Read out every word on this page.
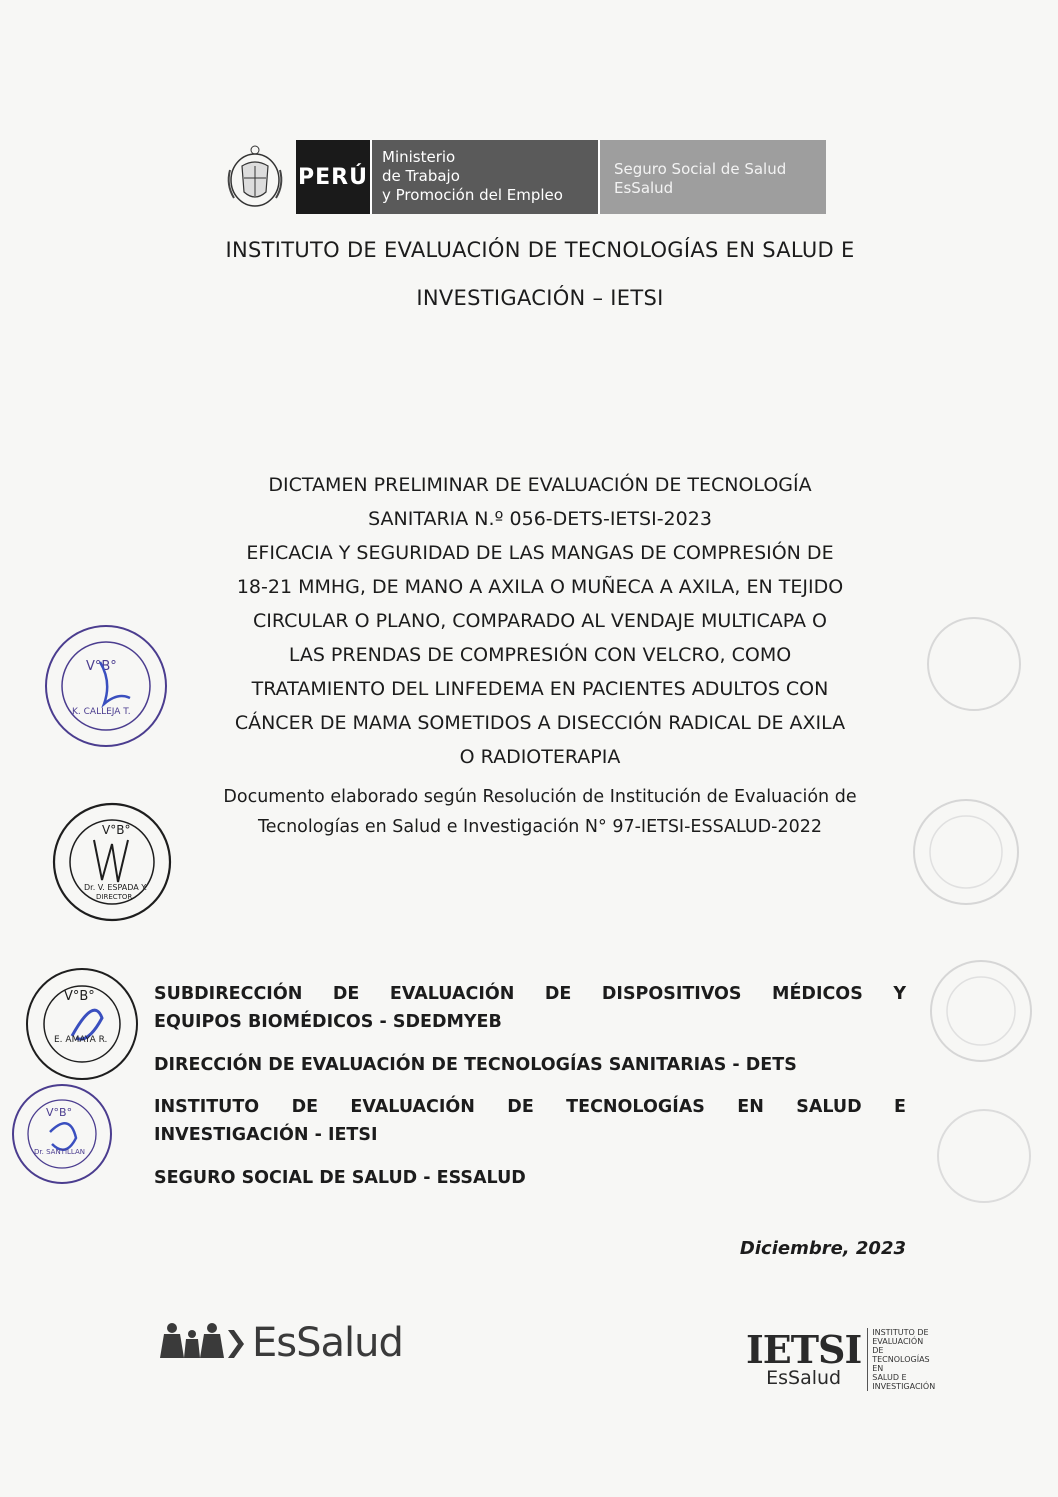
PERÚ
Ministerio
de Trabajo
y Promoción del Empleo
Seguro Social de Salud
EsSalud
INSTITUTO DE EVALUACIÓN DE TECNOLOGÍAS EN SALUD E
INVESTIGACIÓN – IETSI
DICTAMEN PRELIMINAR DE EVALUACIÓN DE TECNOLOGÍA
SANITARIA N.º 056-DETS-IETSI-2023
EFICACIA Y SEGURIDAD DE LAS MANGAS DE COMPRESIÓN DE
18-21 MMHG, DE MANO A AXILA O MUÑECA A AXILA, EN TEJIDO
CIRCULAR O PLANO, COMPARADO AL VENDAJE MULTICAPA O
LAS PRENDAS DE COMPRESIÓN CON VELCRO, COMO
TRATAMIENTO DEL LINFEDEMA EN PACIENTES ADULTOS CON
CÁNCER DE MAMA SOMETIDOS A DISECCIÓN RADICAL DE AXILA
O RADIOTERAPIA
Documento elaborado según Resolución de Institución de Evaluación de
Tecnologías en Salud e Investigación N° 97-IETSI-ESSALUD-2022
SUBDIRECCIÓN DE EVALUACIÓN DE DISPOSITIVOS MÉDICOS Y
EQUIPOS BIOMÉDICOS - SDEDMYEB
DIRECCIÓN DE EVALUACIÓN DE TECNOLOGÍAS SANITARIAS - DETS
INSTITUTO DE EVALUACIÓN DE TECNOLOGÍAS EN SALUD E
INVESTIGACIÓN - IETSI
SEGURO SOCIAL DE SALUD - ESSALUD
Diciembre, 2023
V°B°
K. CALLEJA T.
V°B°
Dr. V. ESPADA Y.
DIRECTOR
V°B°
E. AMAYA R.
V°B°
Dr. SANTILLAN
EsSalud	IETSI
EsSalud
INSTITUTO DE
EVALUACIÓN DE
TECNOLOGÍAS EN
SALUD E
INVESTIGACIÓN
